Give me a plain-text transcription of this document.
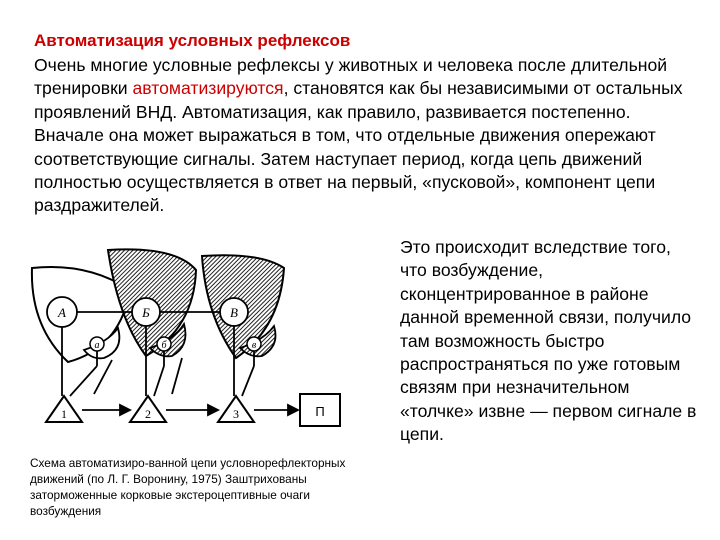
Автоматизация условных рефлексов

Очень многие условные рефлексы у животных и человека после длительной тренировки автоматизируются, становятся как бы независимыми от остальных проявлений ВНД. Автоматизация, как правило, развивается постепенно. Вначале она может выражаться в том, что отдельные движения опережают соответствующие сигналы. Затем наступает период, когда цепь движений полностью осуществляется в ответ на первый, «пусковой», компонент цепи раздражителей.

Это происходит вследствие того, что возбуждение, сконцентрированное в районе данной временной связи, получило там возможность быстро распространяться по уже готовым связям при незначительном «толчке» извне — первом сигнале в цепи.

А	Б	В
а	б	в
1	2	3	П

Схема автоматизиро-ванной цепи условнорефлекторных движений (по Л. Г. Воронину, 1975) Заштрихованы заторможенные корковые экстероцептивные очаги возбуждения
